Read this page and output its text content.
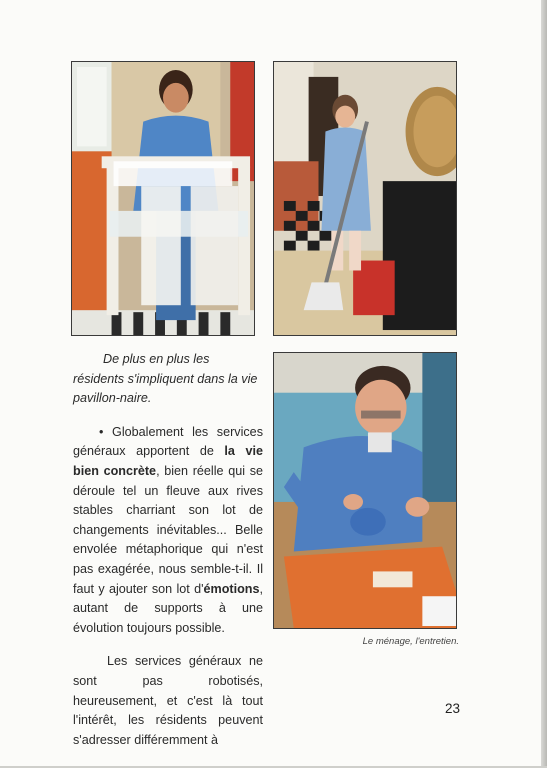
De plus en plus les résidents s'impliquent dans la vie pavillon-naire.

• Globalement les services généraux apportent de la vie bien concrète, bien réelle qui se déroule tel un fleuve aux rives stables charriant son lot de changements inévitables... Belle envolée métaphorique qui n'est pas exagérée, nous semble-t-il. Il faut y ajouter son lot d'émotions, autant de supports à une évolution toujours possible.

Les services généraux ne sont pas robotisés, heureusement, et c'est là tout l'intérêt, les résidents peuvent s'adresser différemment à

Le ménage, l'entretien.
23
